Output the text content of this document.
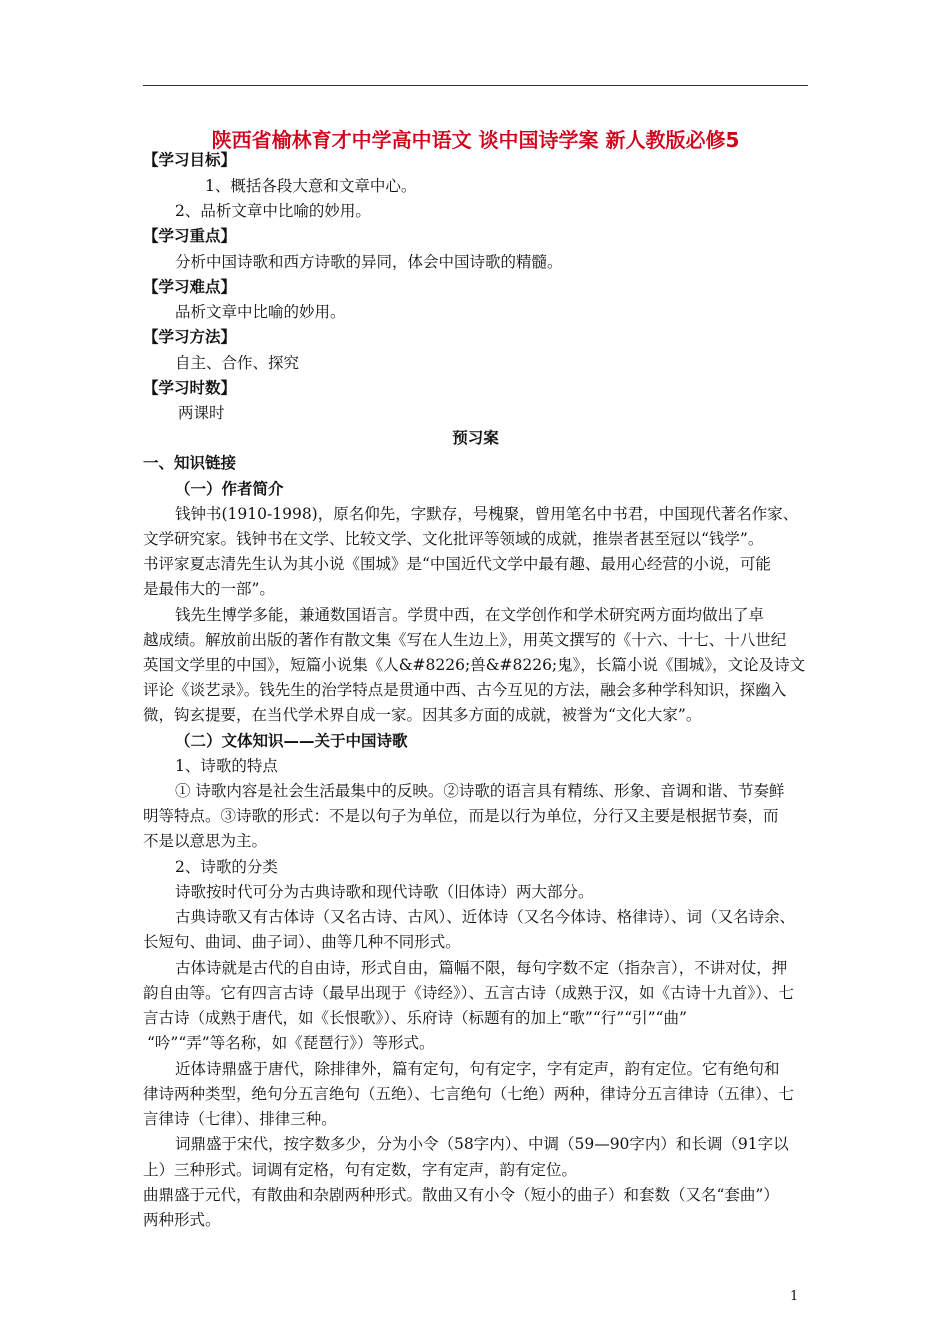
陕西省榆林育才中学高中语文 谈中国诗学案 新人教版必修5
【学习目标】
1、概括各段大意和文章中心。
2、品析文章中比喻的妙用。
【学习重点】
分析中国诗歌和西方诗歌的异同，体会中国诗歌的精髓。
【学习难点】
品析文章中比喻的妙用。
【学习方法】
自主、合作、探究
【学习时数】
两课时
预习案
一、知识链接
（一）作者简介
钱钟书(1910-1998)，原名仰先，字默存，号槐聚，曾用笔名中书君，中国现代著名作家、
文学研究家。钱钟书在文学、比较文学、文化批评等领域的成就，推崇者甚至冠以“钱学”。
书评家夏志清先生认为其小说《围城》是“中国近代文学中最有趣、最用心经营的小说，可能
是最伟大的一部”。
钱先生博学多能，兼通数国语言。学贯中西，在文学创作和学术研究两方面均做出了卓
越成绩。解放前出版的著作有散文集《写在人生边上》，用英文撰写的《十六、十七、十八世纪
英国文学里的中国》，短篇小说集《人&#8226;兽&#8226;鬼》，长篇小说《围城》，文论及诗文
评论《谈艺录》。钱先生的治学特点是贯通中西、古今互见的方法，融会多种学科知识，探幽入
微，钩玄提要，在当代学术界自成一家。因其多方面的成就，被誉为“文化大家”。
（二）文体知识——关于中国诗歌
1、诗歌的特点
① 诗歌内容是社会生活最集中的反映。②诗歌的语言具有精练、形象、音调和谐、节奏鲜
明等特点。③诗歌的形式：不是以句子为单位，而是以行为单位，分行又主要是根据节奏，而
不是以意思为主。
2、诗歌的分类
诗歌按时代可分为古典诗歌和现代诗歌（旧体诗）两大部分。
古典诗歌又有古体诗（又名古诗、古风）、近体诗（又名今体诗、格律诗）、词（又名诗余、
长短句、曲词、曲子词）、曲等几种不同形式。
古体诗就是古代的自由诗，形式自由，篇幅不限，每句字数不定（指杂言），不讲对仗，押
韵自由等。它有四言古诗（最早出现于《诗经》）、五言古诗（成熟于汉，如《古诗十九首》）、七
言古诗（成熟于唐代，如《长恨歌》）、乐府诗（标题有的加上“歌”“行”“引”“曲”
“吟”“弄”等名称，如《琵琶行》）等形式。
近体诗鼎盛于唐代，除排律外，篇有定句，句有定字，字有定声，韵有定位。它有绝句和
律诗两种类型，绝句分五言绝句（五绝）、七言绝句（七绝）两种，律诗分五言律诗（五律）、七
言律诗（七律）、排律三种。
词鼎盛于宋代，按字数多少，分为小令（58字内）、中调（59—90字内）和长调（91字以
上）三种形式。词调有定格，句有定数，字有定声，韵有定位。
曲鼎盛于元代，有散曲和杂剧两种形式。散曲又有小令（短小的曲子）和套数（又名“套曲”）
两种形式。
1
